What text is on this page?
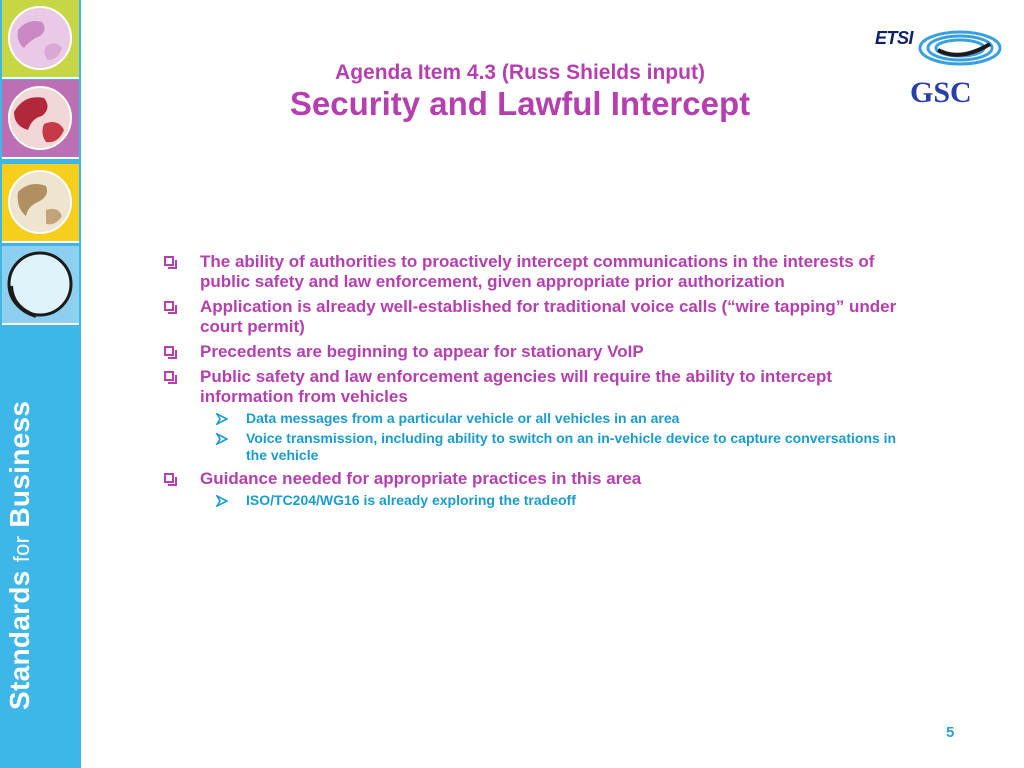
Standards for Business
ETSI
GSC
Agenda Item 4.3 (Russ Shields input)
Security and Lawful Intercept
The ability of authorities to proactively intercept communications in the interests of public safety and law enforcement, given appropriate prior authorization
Application is already well-established for traditional voice calls (“wire tapping” under court permit)
Precedents are beginning to appear for stationary VoIP
Public safety and law enforcement agencies will require the ability to intercept information from vehicles
Data messages from a particular vehicle or all vehicles in an area
Voice transmission, including ability to switch on an in-vehicle device to capture conversations in the vehicle
Guidance needed for appropriate practices in this area
ISO/TC204/WG16 is already exploring the tradeoff
5
